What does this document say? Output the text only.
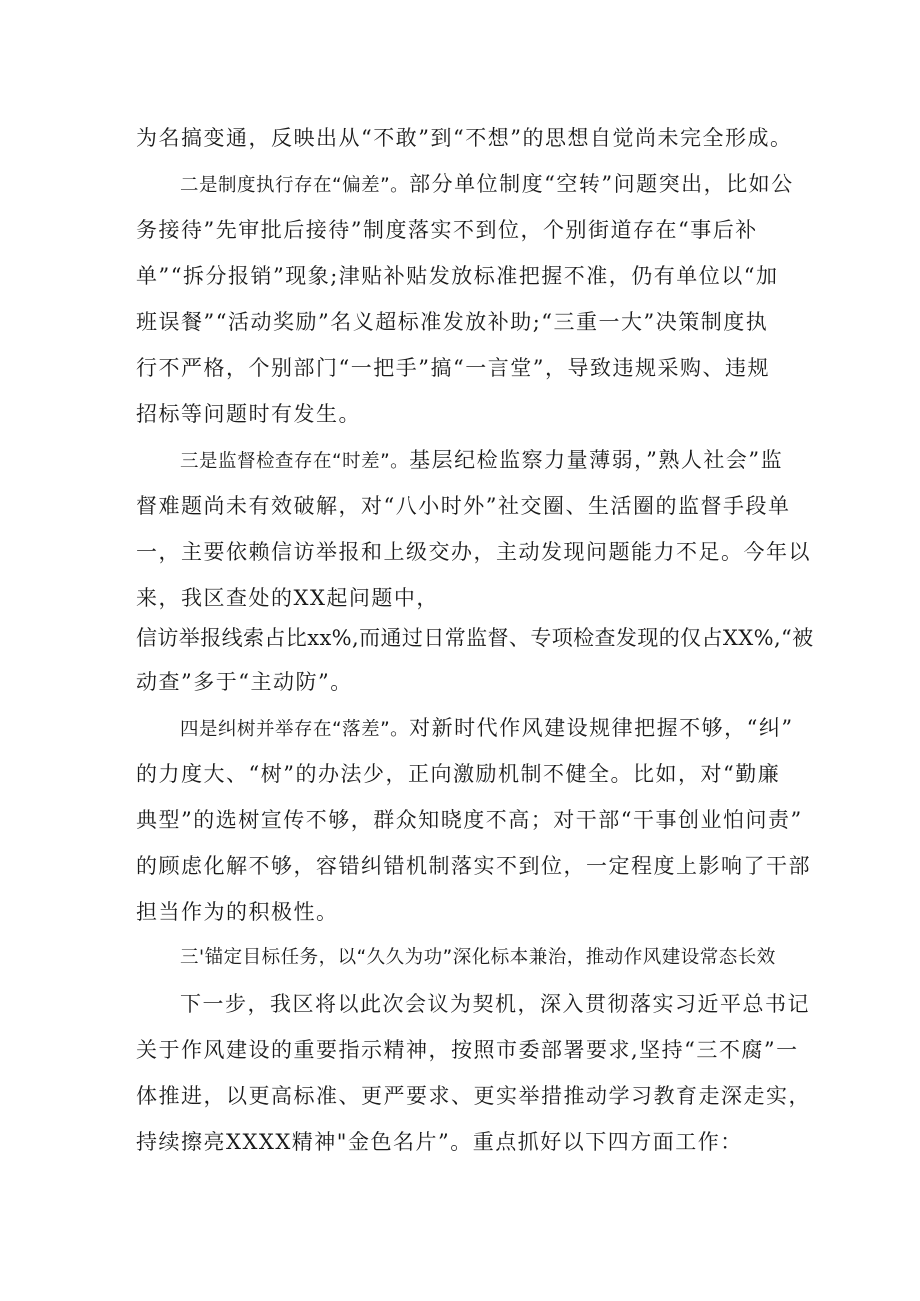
为名搞变通，反映出从“不敢”到“不想”的思想自觉尚未完全形成。
二是制度执行存在“偏差”。部分单位制度“空转”问题突出，比如公
务接待”先审批后接待”制度落实不到位，个别街道存在“事后补
单”“拆分报销”现象;津贴补贴发放标准把握不准，仍有单位以“加
班误餐”“活动奖励”名义超标准发放补助;“三重一大”决策制度执
行不严格，个别部门“一把手”搞“一言堂”，导致违规采购、违规
招标等问题时有发生。
三是监督检查存在“时差”。基层纪检监察力量薄弱，”熟人社会”监
督难题尚未有效破解，对“八小时外”社交圈、生活圈的监督手段单
一，主要依赖信访举报和上级交办，主动发现问题能力不足。今年以
来，我区查处的XX起问题中，
信访举报线索占比xx%,而通过日常监督、专项检查发现的仅占XX%,“被
动查”多于“主动防”。
四是纠树并举存在“落差”。对新时代作风建设规律把握不够，“纠”
的力度大、“树”的办法少，正向激励机制不健全。比如，对“勤廉
典型”的选树宣传不够，群众知晓度不高；对干部“干事创业怕问责”
的顾虑化解不够，容错纠错机制落实不到位，一定程度上影响了干部
担当作为的积极性。
三'锚定目标任务，以“久久为功”深化标本兼治，推动作风建设常态长效
下一步，我区将以此次会议为契机，深入贯彻落实习近平总书记
关于作风建设的重要指示精神，按照市委部署要求,坚持“三不腐”一
体推进，以更高标准、更严要求、更实举措推动学习教育走深走实，
持续擦亮XXXX精神"金色名片”。重点抓好以下四方面工作：
